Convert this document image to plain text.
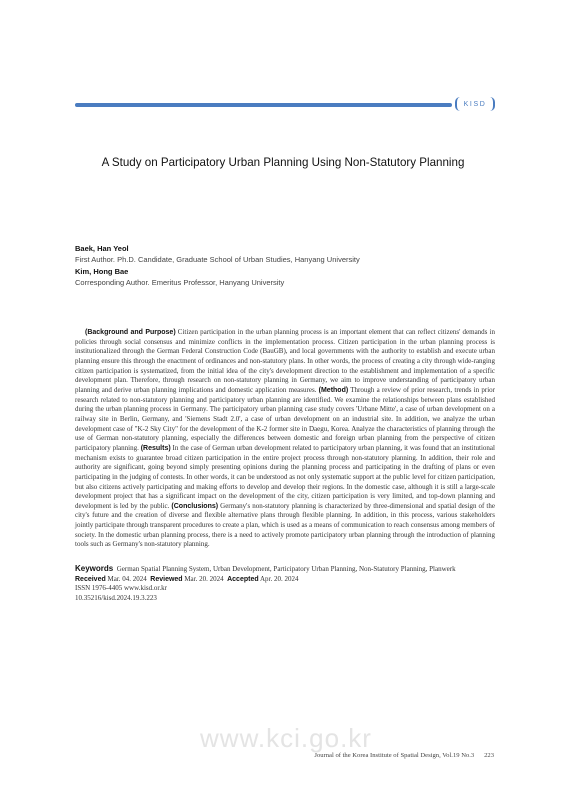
KISD
A Study on Participatory Urban Planning Using Non-Statutory Planning
Baek, Han Yeol
First Author. Ph.D. Candidate, Graduate School of Urban Studies, Hanyang University
Kim, Hong Bae
Corresponding Author. Emeritus Professor, Hanyang University

(Background and Purpose) Citizen participation in the urban planning process is an important element that can reflect citizens' demands in policies through social consensus and minimize conflicts in the implementation process. Citizen participation in the urban planning process is institutionalized through the German Federal Construction Code (BauGB), and local governments with the authority to establish and execute urban planning ensure this through the enactment of ordinances and non-statutory plans. In other words, the process of creating a city through wide-ranging citizen participation is systematized, from the initial idea of the city's development direction to the establishment and implementation of a specific development plan. Therefore, through research on non-statutory planning in Germany, we aim to improve understanding of participatory urban planning and derive urban planning implications and domestic application measures. (Method) Through a review of prior research, trends in prior research related to non-statutory planning and participatory urban planning are identified. We examine the relationships between plans established during the urban planning process in Germany. The participatory urban planning case study covers 'Urbane Mitte', a case of urban development on a railway site in Berlin, Germany, and 'Siemens Stadt 2.0', a case of urban development on an industrial site. In addition, we analyze the urban development case of "K-2 Sky City" for the development of the K-2 former site in Daegu, Korea. Analyze the characteristics of planning through the use of German non-statutory planning, especially the differences between domestic and foreign urban planning from the perspective of citizen participatory planning. (Results) In the case of German urban development related to participatory urban planning, it was found that an institutional mechanism exists to guarantee broad citizen participation in the entire project process through non-statutory planning. In addition, their role and authority are significant, going beyond simply presenting opinions during the planning process and participating in the drafting of plans or even participating in the judging of contests. In other words, it can be understood as not only systematic support at the public level for citizen participation, but also citizens actively participating and making efforts to develop and develop their regions. In the domestic case, although it is still a large-scale development project that has a significant impact on the development of the city, citizen participation is very limited, and top-down planning and development is led by the public. (Conclusions) Germany's non-statutory planning is characterized by three-dimensional and spatial design of the city's future and the creation of diverse and flexible alternative plans through flexible planning. In addition, in this process, various stakeholders jointly participate through transparent procedures to create a plan, which is used as a means of communication to reach consensus among members of society. In the domestic urban planning process, there is a need to actively promote participatory urban planning through the introduction of planning tools such as Germany's non-statutory planning.

Keywords German Spatial Planning System, Urban Development, Participatory Urban Planning, Non-Statutory Planning, Planwerk
Received Mar. 04. 2024 Reviewed Mar. 20. 2024 Accepted Apr. 20. 2024
ISSN 1976-4405 www.kisd.or.kr
10.35216/kisd.2024.19.3.223
www.kci.go.kr
Journal of the Korea Institute of Spatial Design, Vol.19 No.3 223
